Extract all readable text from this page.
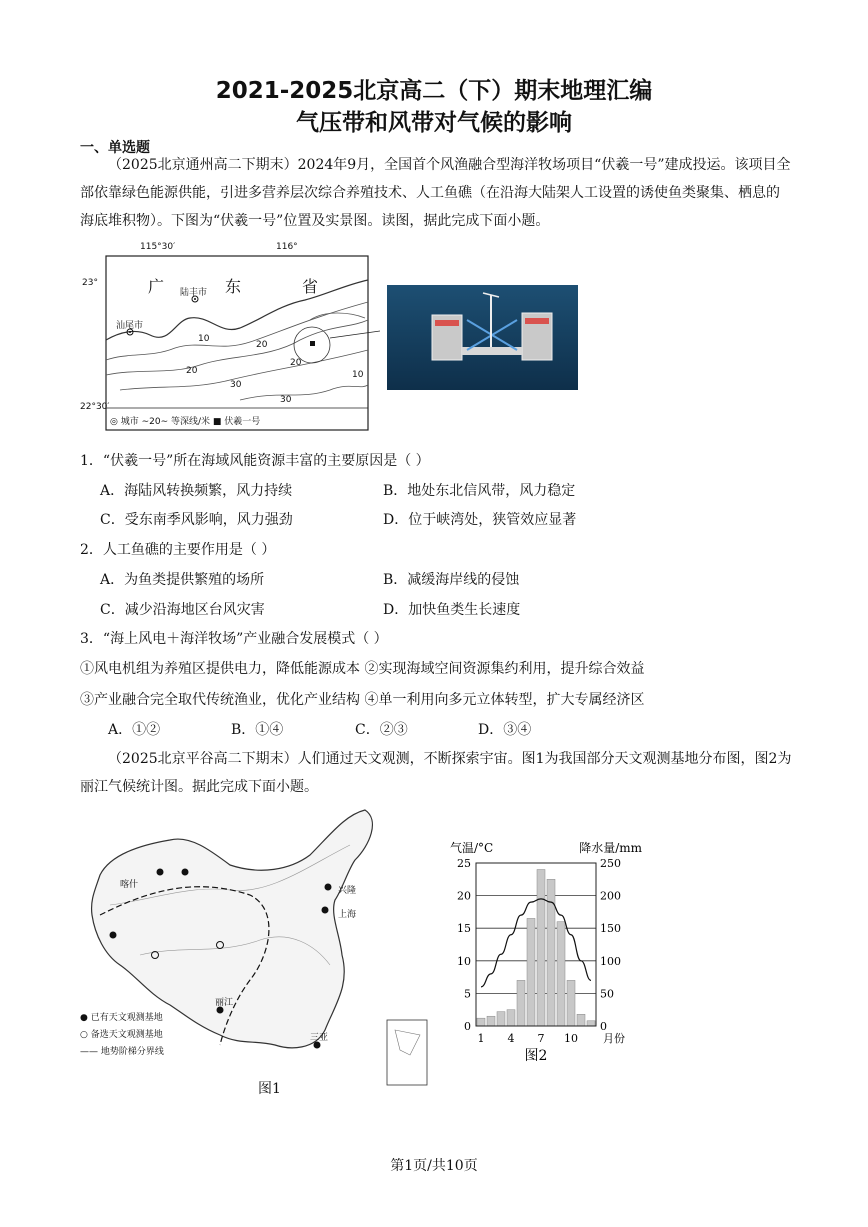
2021-2025北京高二（下）期末地理汇编
气压带和风带对气候的影响
一、单选题
（2025北京通州高二下期末）2024年9月，全国首个风渔融合型海洋牧场项目“伏羲一号”建成投运。该项目全部依靠绿色能源供能，引进多营养层次综合养殖技术、人工鱼礁（在沿海大陆架人工设置的诱使鱼类聚集、栖息的海底堆积物）。下图为“伏羲一号”位置及实景图。读图，据此完成下面小题。
115°30′	116°
23°
22°30′
广	东	省
陆丰市
汕尾市
10
20
20
20
30
30
10
◎ 城市 ∼20∼ 等深线/米 ■ 伏羲一号
1．“伏羲一号”所在海域风能资源丰富的主要原因是（ ）
A．海陆风转换频繁，风力持续	B．地处东北信风带，风力稳定
C．受东南季风影响，风力强劲	D．位于峡湾处，狭管效应显著
2．人工鱼礁的主要作用是（ ）
A．为鱼类提供繁殖的场所	B．减缓海岸线的侵蚀
C．减少沿海地区台风灾害	D．加快鱼类生长速度
3．“海上风电＋海洋牧场”产业融合发展模式（ ）
①风电机组为养殖区提供电力，降低能源成本 ②实现海域空间资源集约利用，提升综合效益
③产业融合完全取代传统渔业，优化产业结构 ④单一利用向多元立体转型，扩大专属经济区
A．①②	B．①④	C．②③	D．③④
（2025北京平谷高二下期末）人们通过天文观测，不断探索宇宙。图1为我国部分天文观测基地分布图，图2为丽江气候统计图。据此完成下面小题。
喀什
兴隆
上海
丽江
三亚
● 已有天文观测基地
○ 备选天文观测基地
—— 地势阶梯分界线
图1
0
5
10
15
20
25
0
50
100
150
200
250
1 4 7 10 月份
气温/°C	降水量/mm
图2
第1页/共10页
